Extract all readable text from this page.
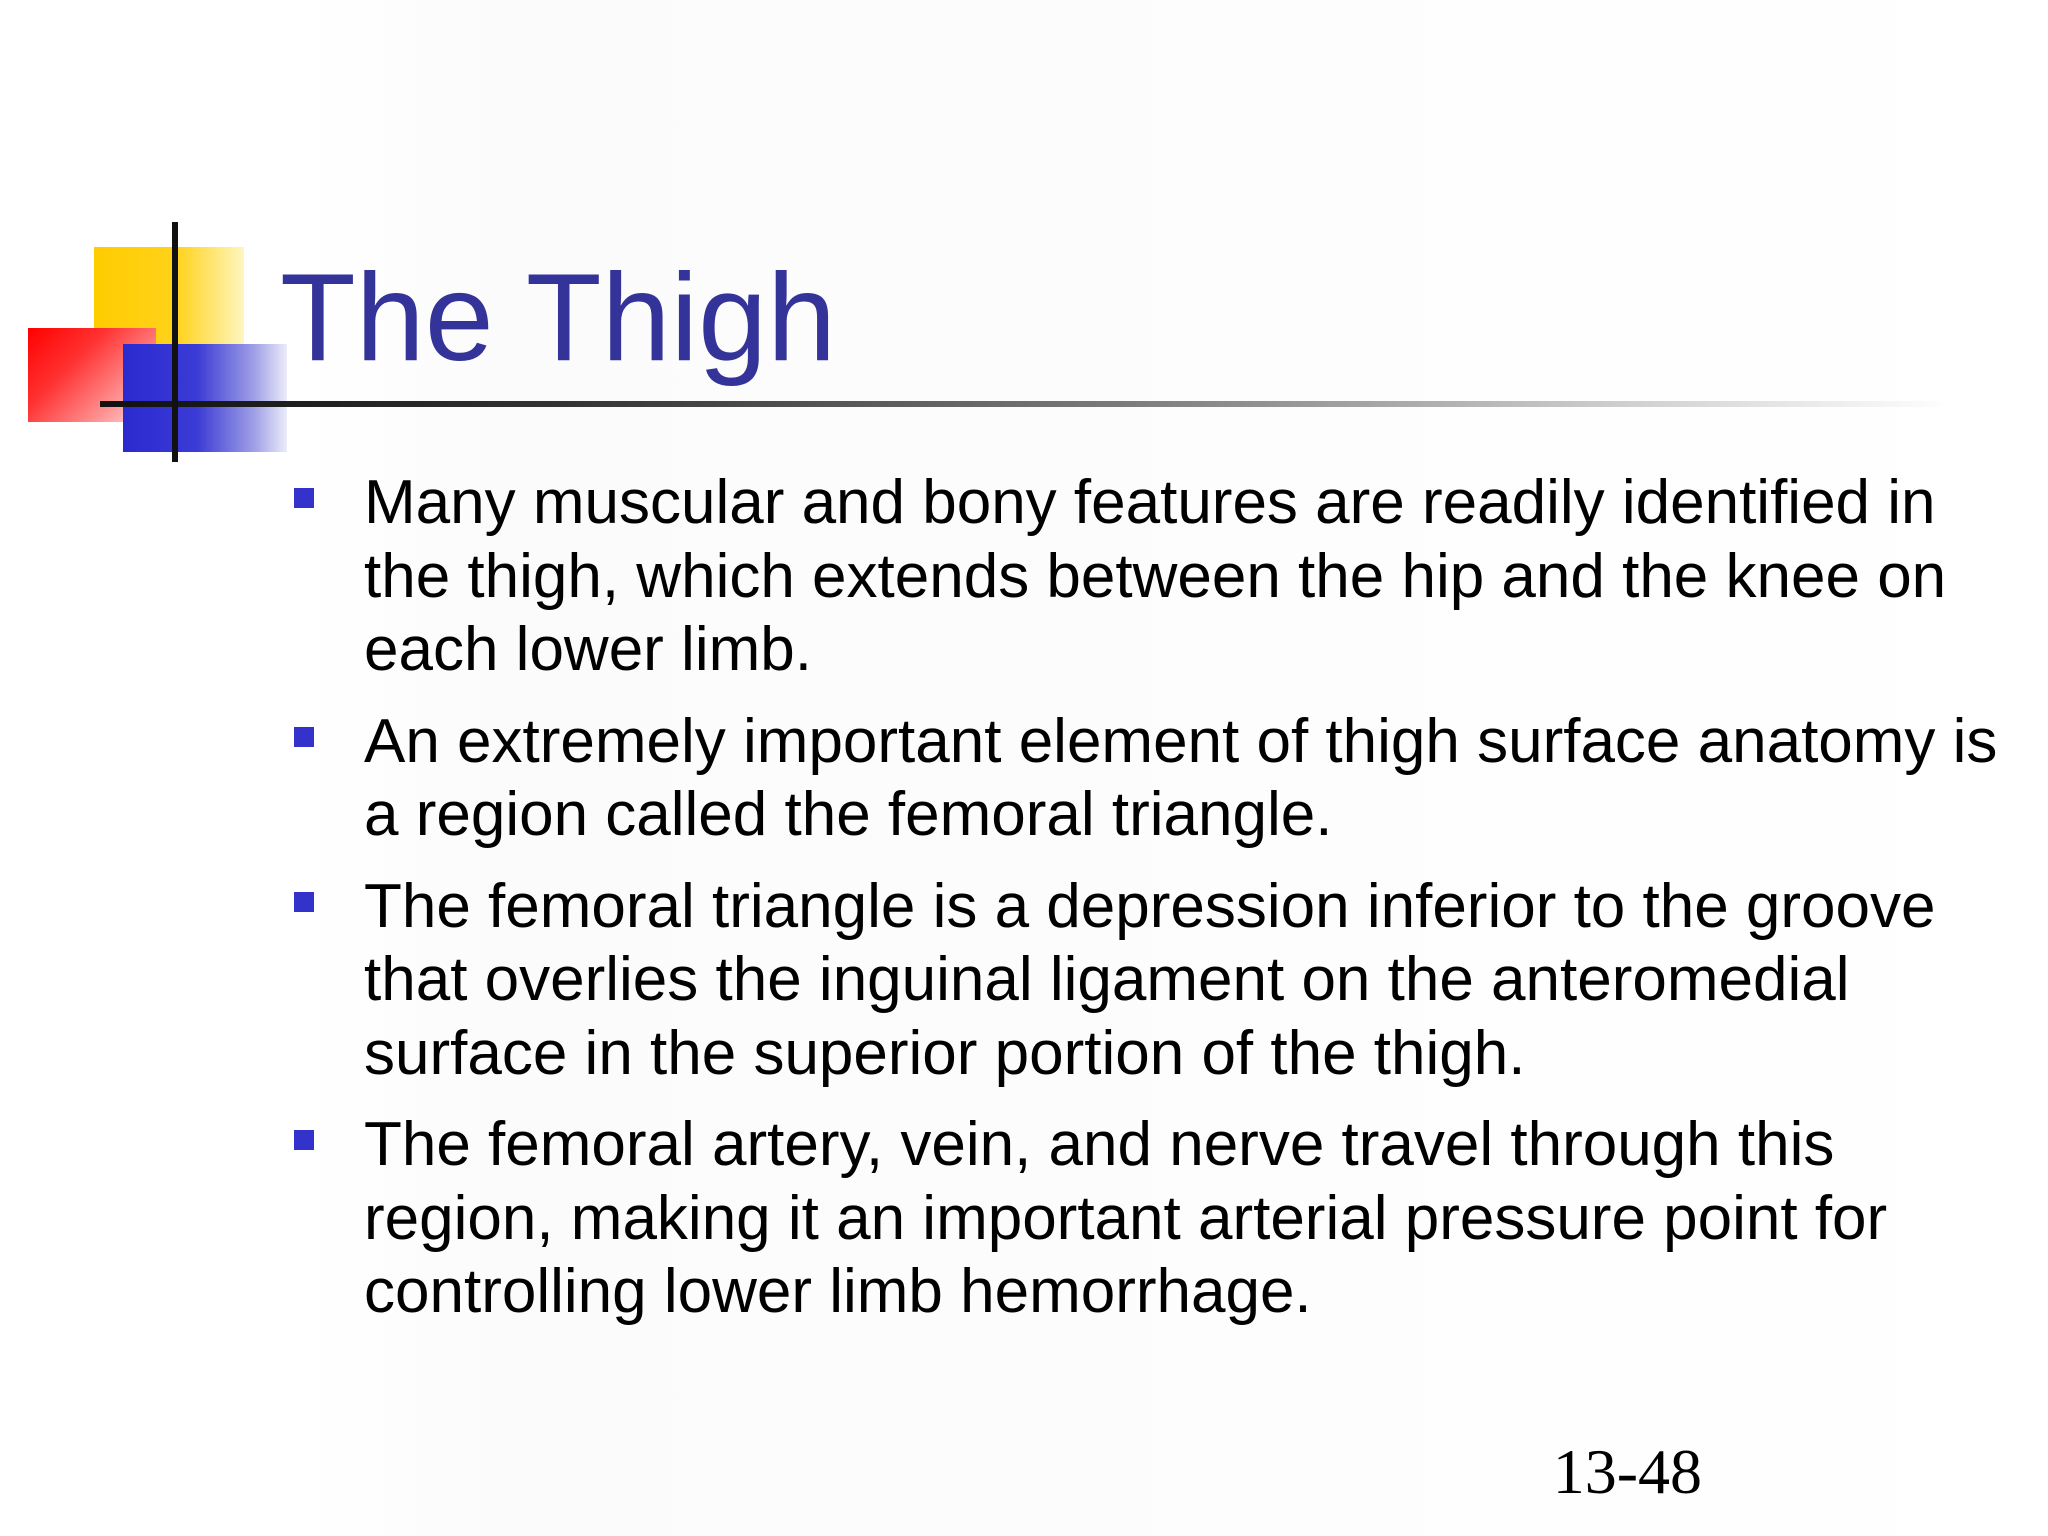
The Thigh
Many muscular and bony features are readily identified in the thigh, which extends between the hip and the knee on each lower limb.
An extremely important element of thigh surface anatomy is a region called the femoral triangle.
The femoral triangle is a depression inferior to the groove that overlies the inguinal ligament on the anteromedial surface in the superior portion of the thigh.
The femoral artery, vein, and nerve travel through this region, making it an important arterial pressure point for controlling lower limb hemorrhage.
13-48
